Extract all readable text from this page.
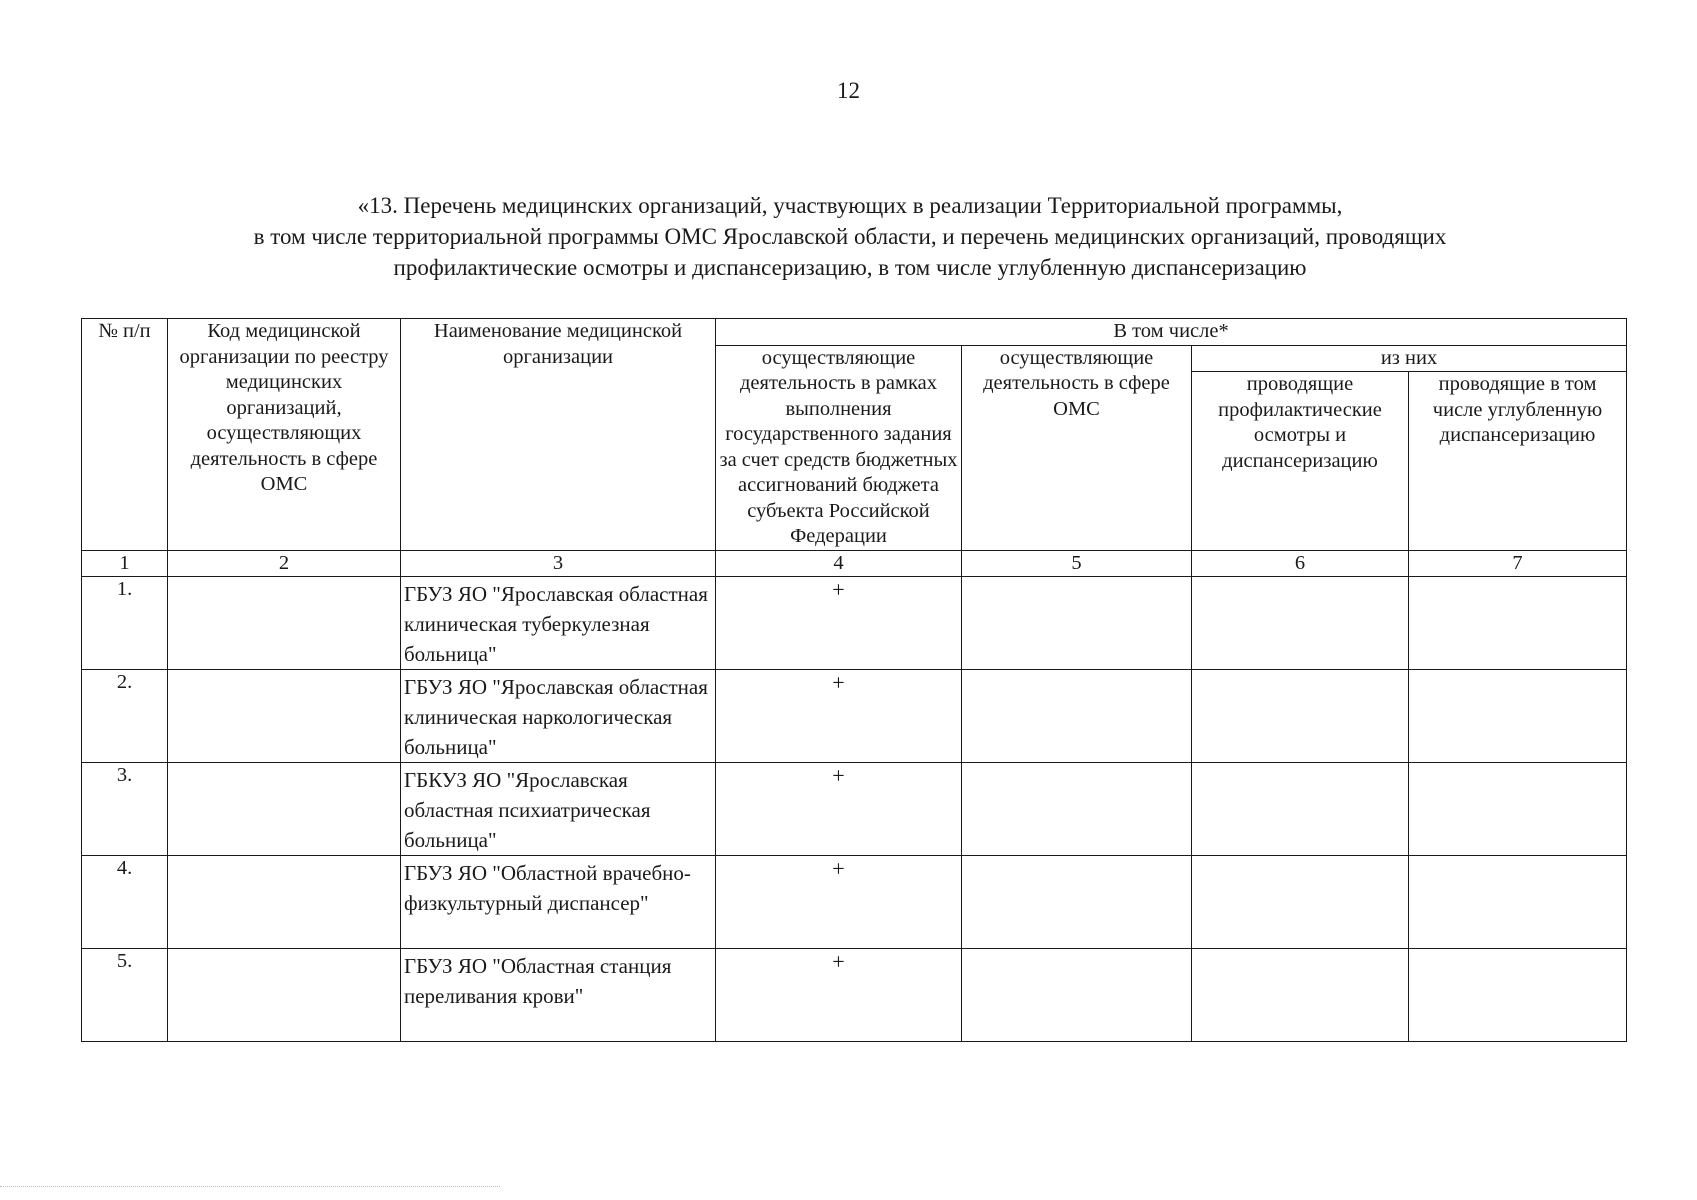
12
«13. Перечень медицинских организаций, участвующих в реализации Территориальной программы,
в том числе территориальной программы ОМС Ярославской области, и перечень медицинских организаций, проводящих
профилактические осмотры и диспансеризацию, в том числе углубленную диспансеризацию
№ п/п	Код медицинской организации по реестру медицинских организаций, осуществляющих деятельность в сфере ОМС	Наименование медицинской организации	В том числе*			
			осуществляющие деятельность в рамках выполнения государственного задания за счет средств бюджетных ассигнований бюджета субъекта Российской Федерации	осуществляющие деятельность в сфере ОМС	из них	
					проводящие профилактические осмотры и диспансеризацию	проводящие в том числе углубленную диспансеризацию
1	2	3	4	5	6	7
1.		ГБУЗ ЯО "Ярославская областная клиническая туберкулезная больница"	+			
2.		ГБУЗ ЯО "Ярославская областная клиническая наркологическая больница"	+			
3.		ГБКУЗ ЯО "Ярославская областная психиатрическая больница"	+			
4.		ГБУЗ ЯО "Областной врачебно-физкультурный диспансер"	+			
5.		ГБУЗ ЯО "Областная станция переливания крови"	+			
